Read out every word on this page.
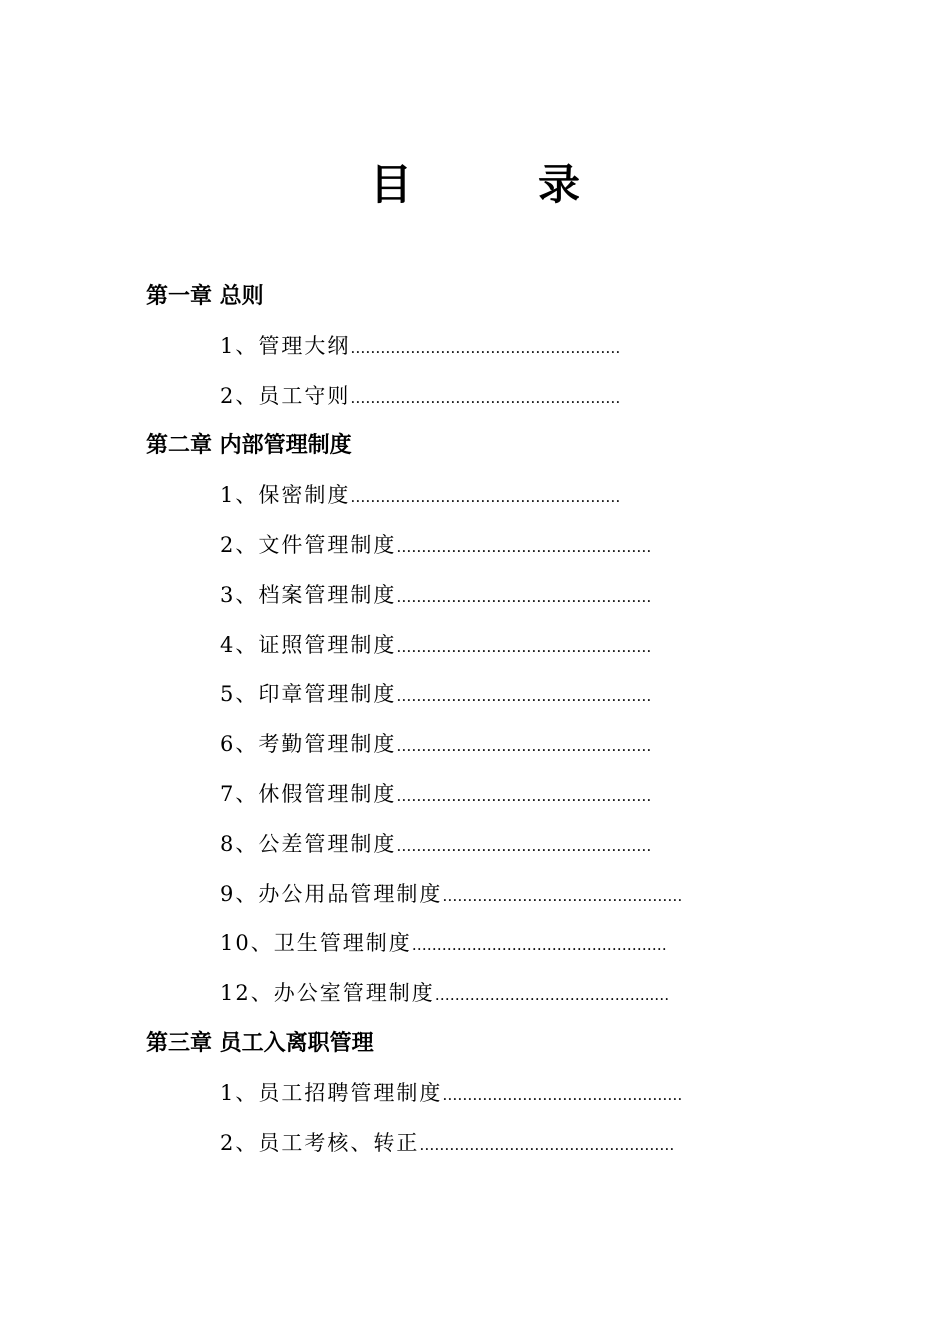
目　　　录
第一章 总则
1、管理大纲………………………………………………
2、员工守则………………………………………………
第二章 内部管理制度
1、保密制度………………………………………………
2、文件管理制度……………………………………………
3、档案管理制度……………………………………………
4、证照管理制度……………………………………………
5、印章管理制度……………………………………………
6、考勤管理制度……………………………………………
7、休假管理制度……………………………………………
8、公差管理制度……………………………………………
9、办公用品管理制度…………………………………………
10、卫生管理制度……………………………………………
12、办公室管理制度……………………………………..…
第三章 员工入离职管理
1、员工招聘管理制度…………………………………………
2、员工考核、转正……………………………………………
